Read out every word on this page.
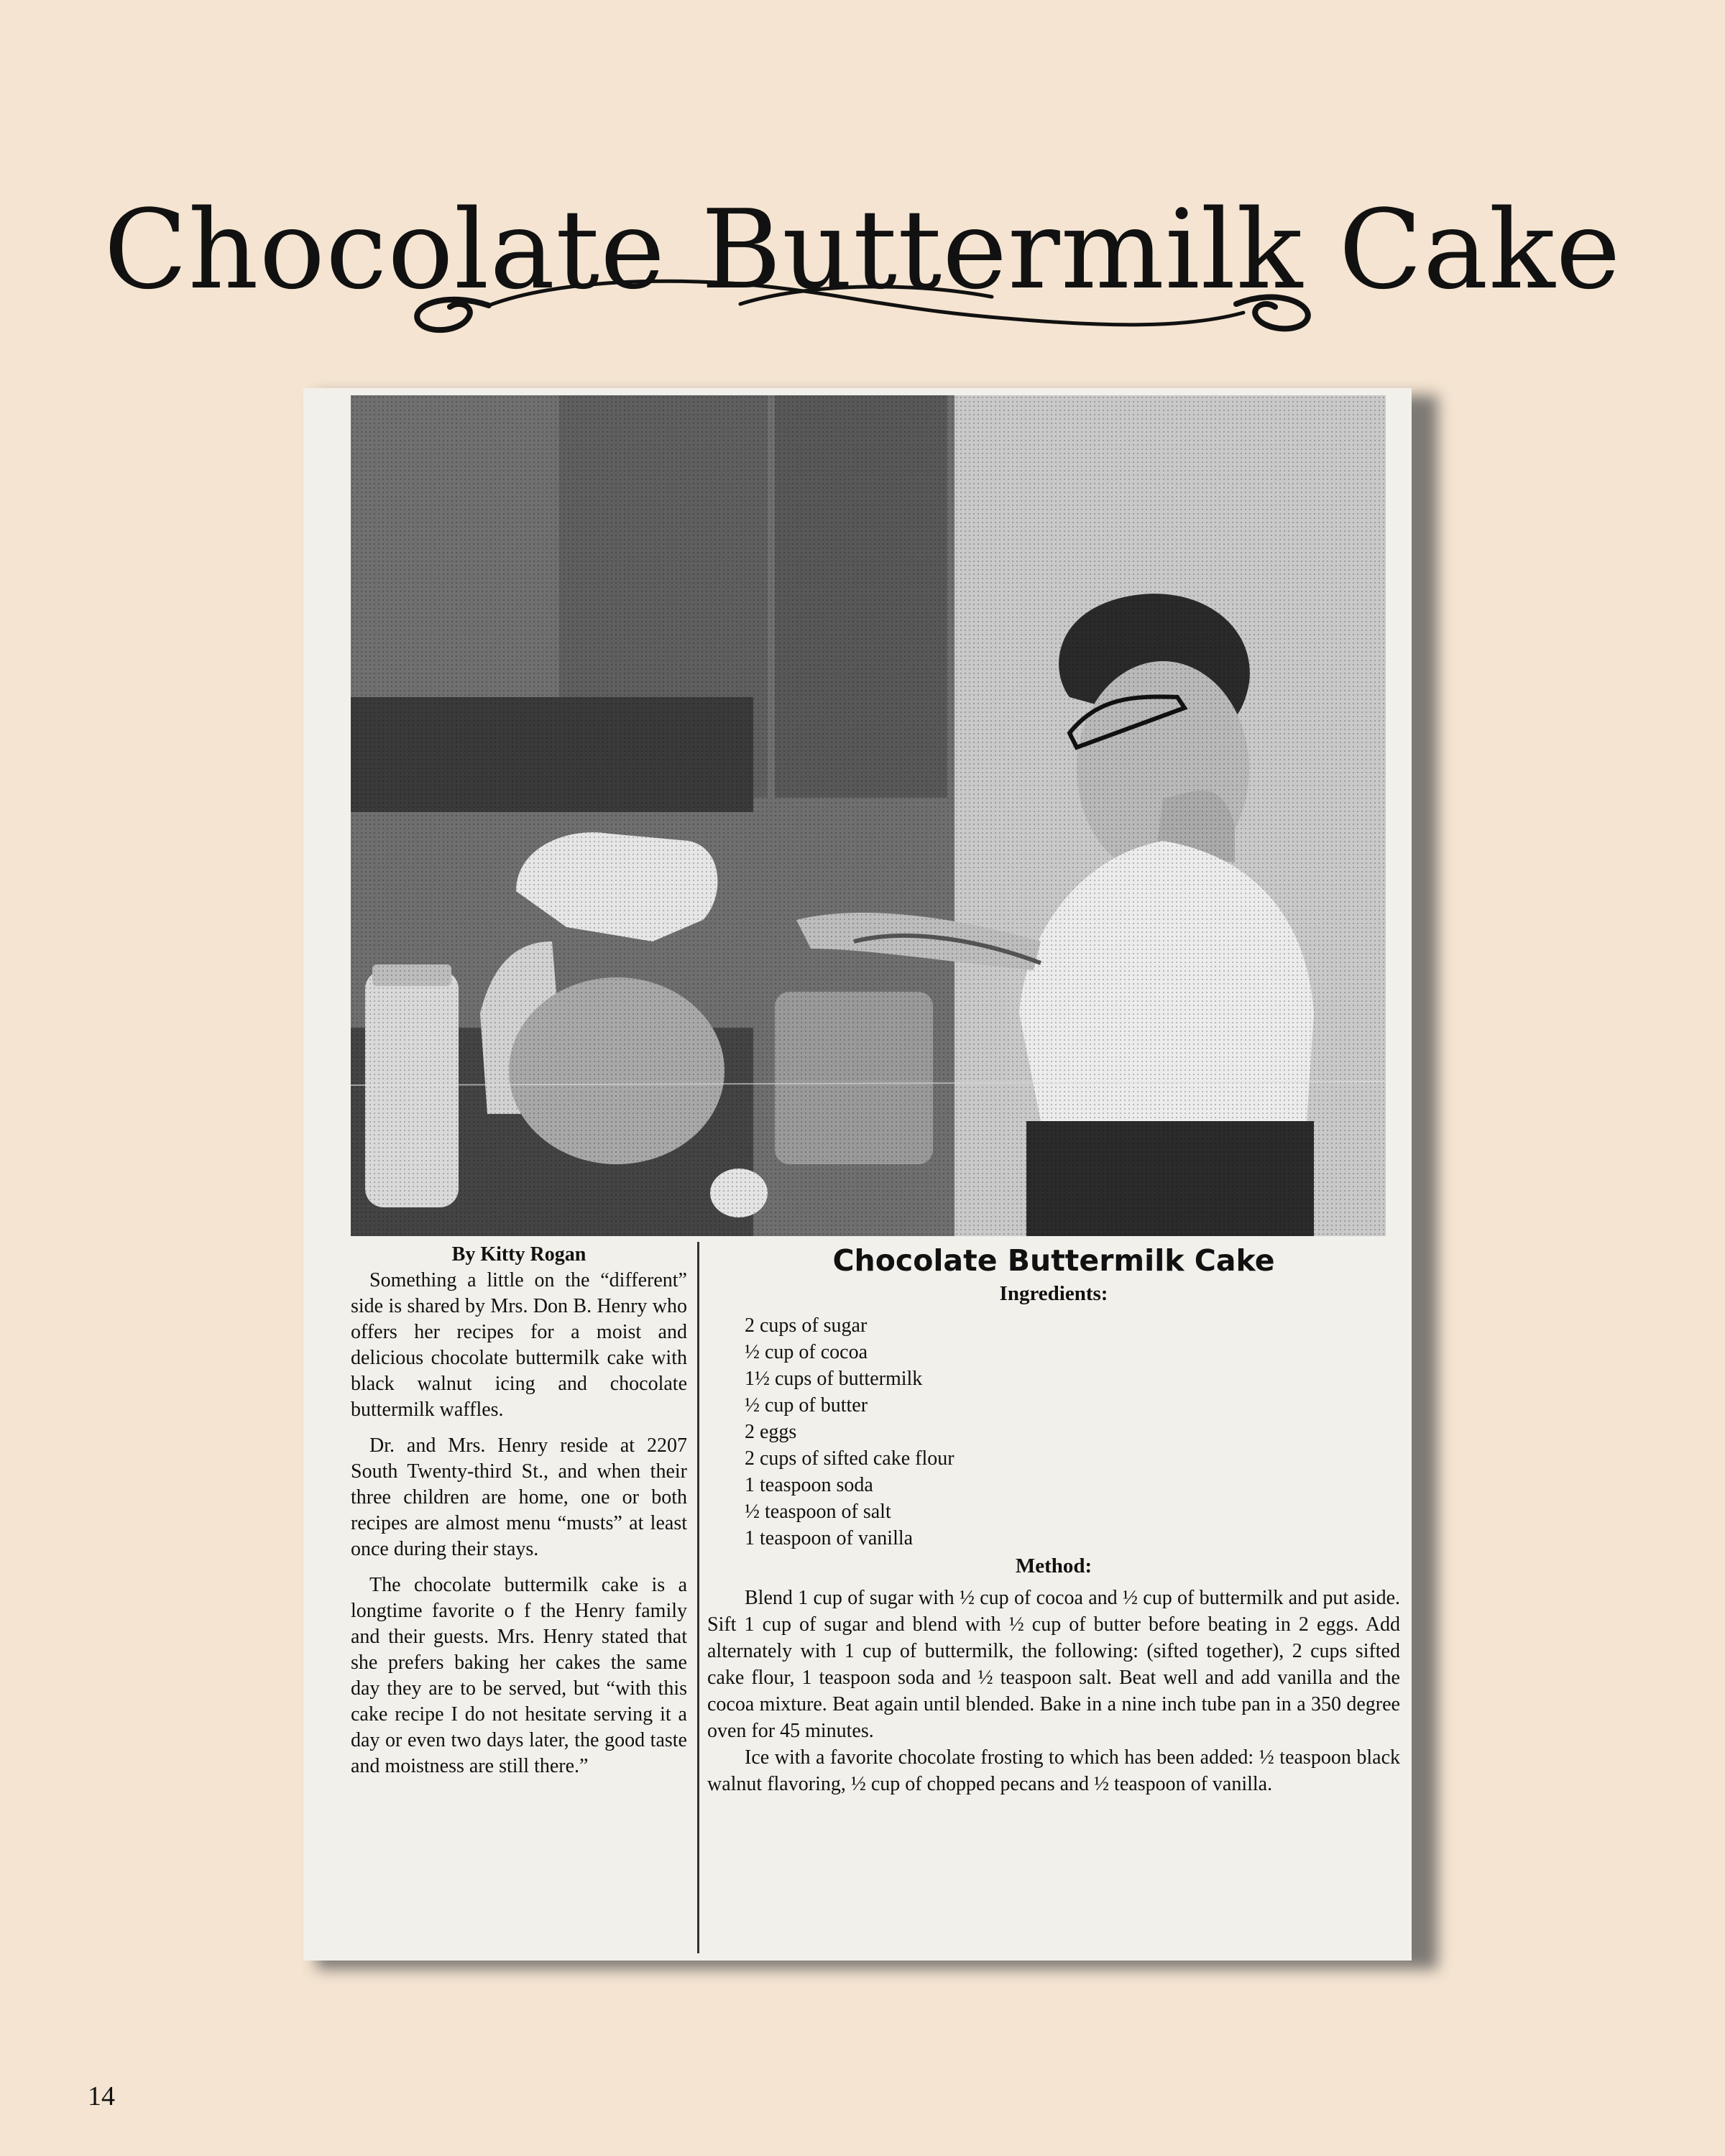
Chocolate Buttermilk Cake

By Kitty Rogan

Something a little on the “different” side is shared by Mrs. Don B. Henry who offers her recipes for a moist and delicious chocolate buttermilk cake with black walnut icing and chocolate buttermilk waffles.

Dr. and Mrs. Henry reside at 2207 South Twenty-third St., and when their three children are home, one or both recipes are almost menu “musts” at least once during their stays.

The chocolate buttermilk cake is a longtime favorite o f the Henry family and their guests. Mrs. Henry stated that she prefers baking her cakes the same day they are to be served, but “with this cake recipe I do not hesitate serving it a day or even two days later, the good taste and moistness are still there.”

Chocolate Buttermilk Cake
Ingredients:
2 cups of sugar
½ cup of cocoa
1½ cups of buttermilk
½ cup of butter
2 eggs
2 cups of sifted cake flour
1 teaspoon soda
½ teaspoon of salt
1 teaspoon of vanilla
Method:

Blend 1 cup of sugar with ½ cup of cocoa and ½ cup of buttermilk and put aside. Sift 1 cup of sugar and blend with ½ cup of butter before beating in 2 eggs. Add alternately with 1 cup of buttermilk, the following: (sifted together), 2 cups sifted cake flour, 1 teaspoon soda and ½ teaspoon salt. Beat well and add vanilla and the cocoa mixture. Beat again until blended. Bake in a nine inch tube pan in a 350 degree oven for 45 minutes.

Ice with a favorite chocolate frosting to which has been added: ½ teaspoon black walnut flavoring, ½ cup of chopped pecans and ½ teaspoon of vanilla.

14
